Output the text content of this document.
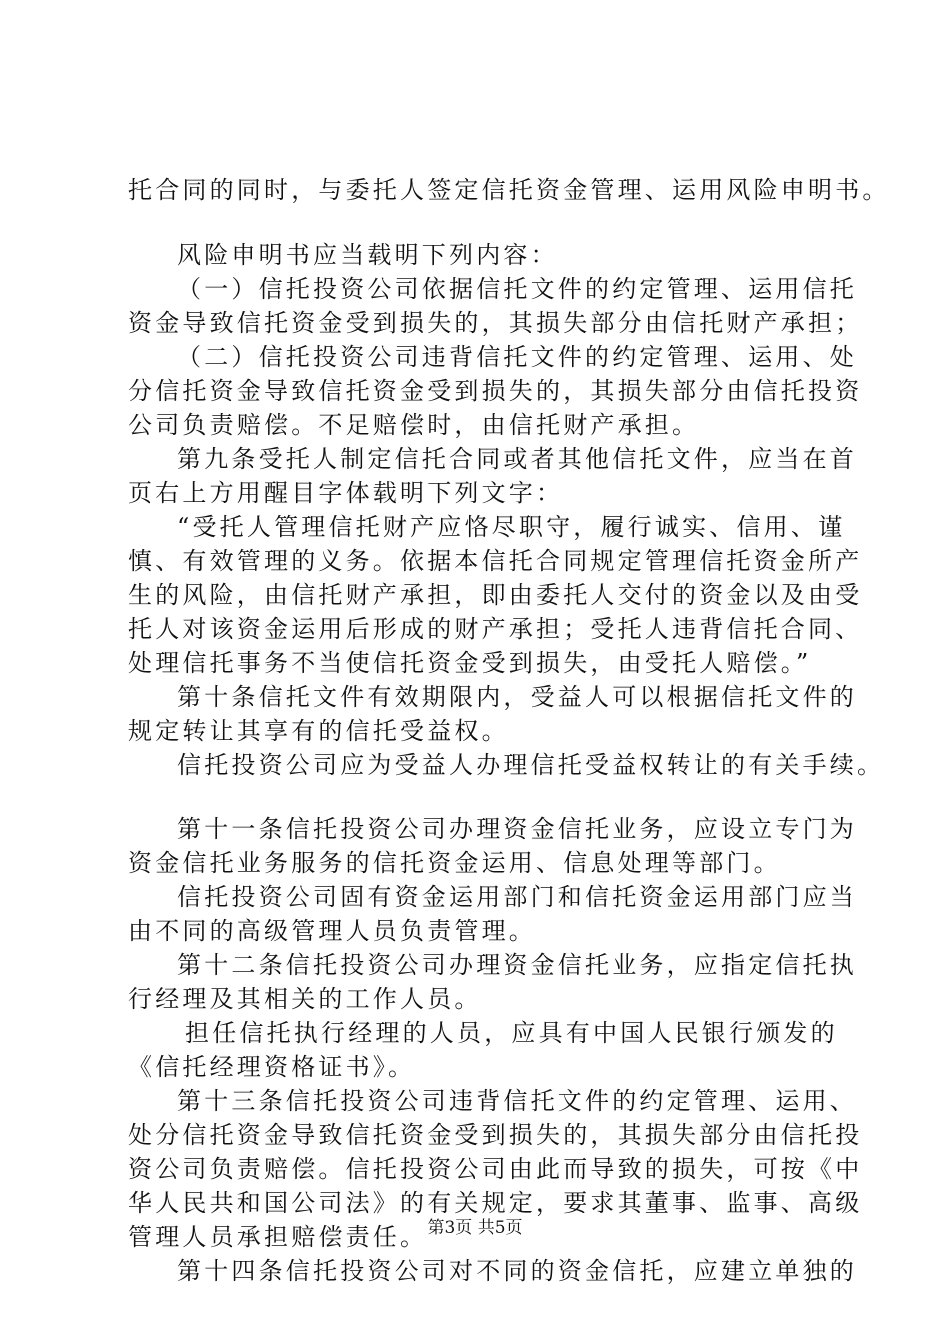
托合同的同时，与委托人签定信托资金管理、运用风险申明书。
风险申明书应当载明下列内容：
（一）信托投资公司依据信托文件的约定管理、运用信托
资金导致信托资金受到损失的，其损失部分由信托财产承担；
（二）信托投资公司违背信托文件的约定管理、运用、处
分信托资金导致信托资金受到损失的，其损失部分由信托投资
公司负责赔偿。不足赔偿时，由信托财产承担。
第九条受托人制定信托合同或者其他信托文件，应当在首
页右上方用醒目字体载明下列文字：
“受托人管理信托财产应恪尽职守，履行诚实、信用、谨
慎、有效管理的义务。依据本信托合同规定管理信托资金所产
生的风险，由信托财产承担，即由委托人交付的资金以及由受
托人对该资金运用后形成的财产承担；受托人违背信托合同、
处理信托事务不当使信托资金受到损失，由受托人赔偿。”
第十条信托文件有效期限内，受益人可以根据信托文件的
规定转让其享有的信托受益权。
信托投资公司应为受益人办理信托受益权转让的有关手续。
第十一条信托投资公司办理资金信托业务，应设立专门为
资金信托业务服务的信托资金运用、信息处理等部门。
信托投资公司固有资金运用部门和信托资金运用部门应当
由不同的高级管理人员负责管理。
第十二条信托投资公司办理资金信托业务，应指定信托执
行经理及其相关的工作人员。
担任信托执行经理的人员，应具有中国人民银行颁发的
《信托经理资格证书》。
第十三条信托投资公司违背信托文件的约定管理、运用、
处分信托资金导致信托资金受到损失的，其损失部分由信托投
资公司负责赔偿。信托投资公司由此而导致的损失，可按《中
华人民共和国公司法》的有关规定，要求其董事、监事、高级
管理人员承担赔偿责任。
第十四条信托投资公司对不同的资金信托，应建立单独的
第3页 共5页
